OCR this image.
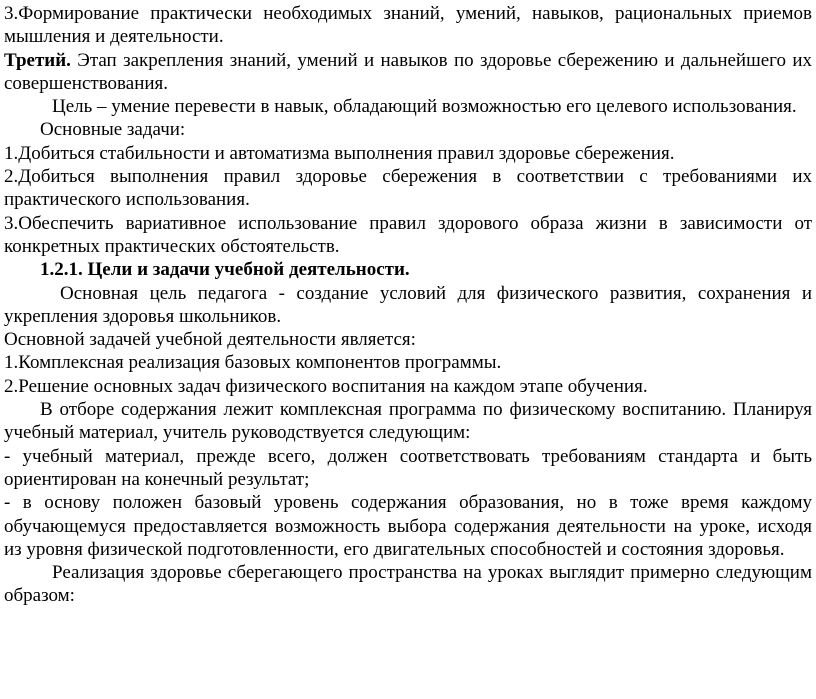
3.Формирование практически необходимых знаний, умений, навыков, рациональных приемов мышления и деятельности.

Третий. Этап закрепления знаний, умений и навыков по здоровье сбережению и дальнейшего их совершенствования.

Цель – умение перевести в навык, обладающий возможностью его целевого использования.

Основные задачи:

1.Добиться стабильности и автоматизма выполнения правил здоровье сбережения.

2.Добиться выполнения правил здоровье сбережения в соответствии с требованиями их практического использования.

3.Обеспечить вариативное использование правил здорового образа жизни в зависимости от конкретных практических обстоятельств.

1.2.1. Цели и задачи учебной деятельности.

Основная цель педагога - создание условий для физического развития, сохранения и укрепления здоровья школьников.

Основной задачей учебной деятельности является:

1.Комплексная реализация базовых компонентов программы.

2.Решение основных задач физического воспитания на каждом этапе обучения.

В отборе содержания лежит комплексная программа по физическому воспитанию. Планируя учебный материал, учитель руководствуется следующим:

- учебный материал, прежде всего, должен соответствовать требованиям стандарта и быть ориентирован на конечный результат;

- в основу положен базовый уровень содержания образования, но в тоже время каждому обучающемуся предоставляется возможность выбора содержания деятельности на уроке, исходя из уровня физической подготовленности, его двигательных способностей и состояния здоровья.

Реализация здоровье сберегающего пространства на уроках выглядит примерно следующим образом:
